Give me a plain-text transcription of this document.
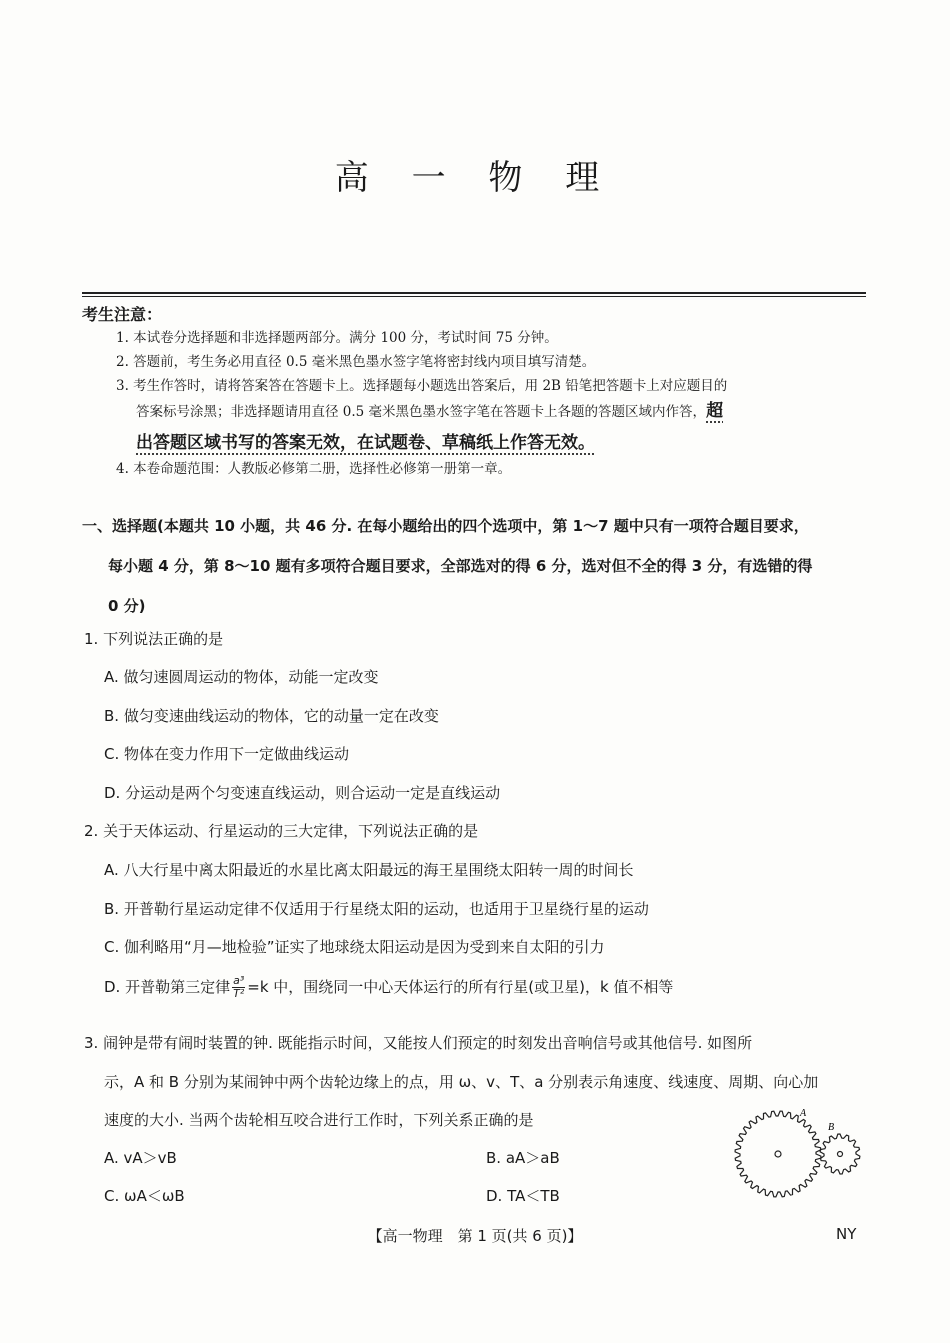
高 一 物 理
考生注意：
1. 本试卷分选择题和非选择题两部分。满分 100 分，考试时间 75 分钟。
2. 答题前，考生务必用直径 0.5 毫米黑色墨水签字笔将密封线内项目填写清楚。
3. 考生作答时，请将答案答在答题卡上。选择题每小题选出答案后，用 2B 铅笔把答题卡上对应题目的
答案标号涂黑；非选择题请用直径 0.5 毫米黑色墨水签字笔在答题卡上各题的答题区域内作答，超
出答题区域书写的答案无效，在试题卷、草稿纸上作答无效。
4. 本卷命题范围：人教版必修第二册，选择性必修第一册第一章。
一、选择题(本题共 10 小题，共 46 分. 在每小题给出的四个选项中，第 1～7 题中只有一项符合题目要求，
每小题 4 分，第 8～10 题有多项符合题目要求，全部选对的得 6 分，选对但不全的得 3 分，有选错的得
0 分)
1. 下列说法正确的是
A. 做匀速圆周运动的物体，动能一定改变
B. 做匀变速曲线运动的物体，它的动量一定在改变
C. 物体在变力作用下一定做曲线运动
D. 分运动是两个匀变速直线运动，则合运动一定是直线运动
2. 关于天体运动、行星运动的三大定律，下列说法正确的是
A. 八大行星中离太阳最近的水星比离太阳最远的海王星围绕太阳转一周的时间长
B. 开普勒行星运动定律不仅适用于行星绕太阳的运动，也适用于卫星绕行星的运动
C. 伽利略用“月—地检验”证实了地球绕太阳运动是因为受到来自太阳的引力
D. 开普勒第三定律 $\frac{\text{a³}}{\text{T²}} =k$ 中，围绕同一中心天体运行的所有行星(或卫星)，k 值不相等
3. 闹钟是带有闹时装置的钟. 既能指示时间，又能按人们预定的时刻发出音响信号或其他信号. 如图所
示，A 和 B 分别为某闹钟中两个齿轮边缘上的点，用 ω、v、T、a 分别表示角速度、线速度、周期、向心加
速度的大小. 当两个齿轮相互咬合进行工作时，下列关系正确的是
A. vA＞vB	B. aA＞aB
C. ωA＜ωB	D. TA＜TB
A
B
【高一物理　第 1 页(共 6 页)】	NY
